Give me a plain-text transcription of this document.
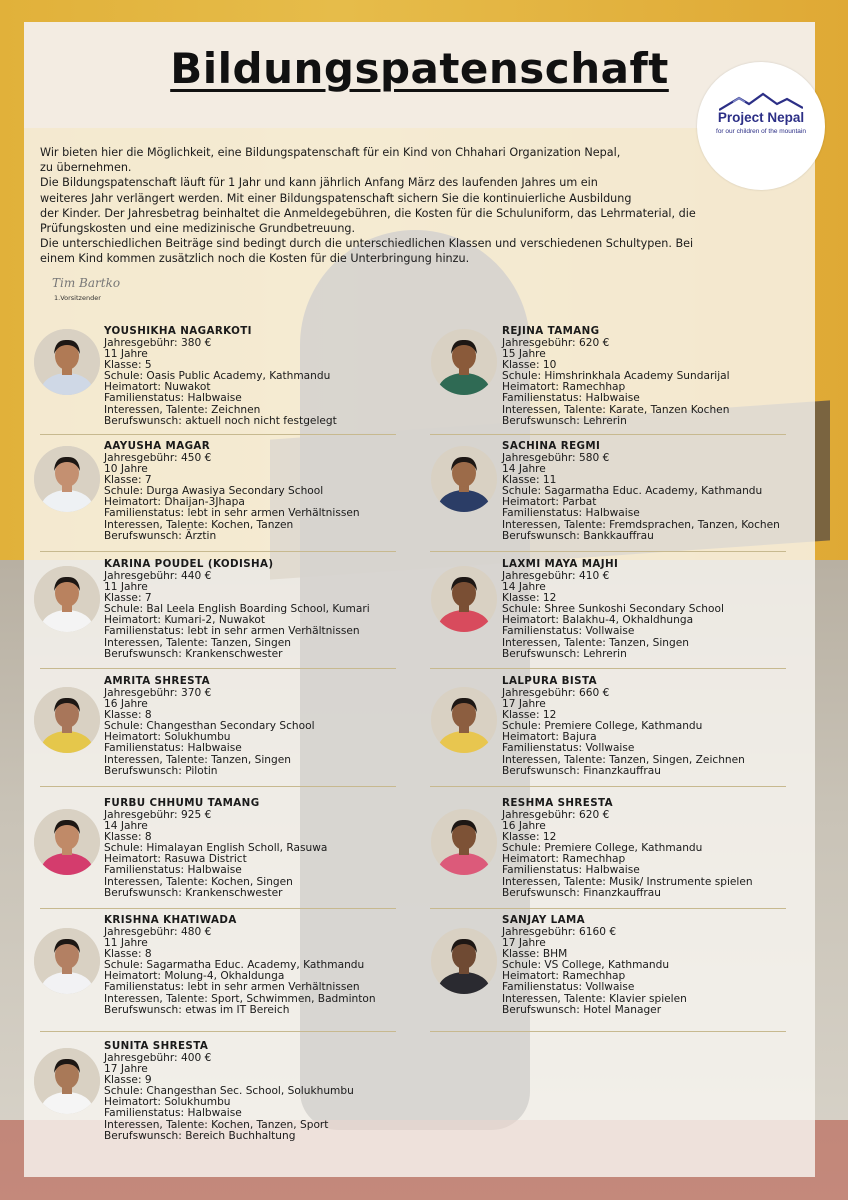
Bildungspatenschaft
Project Nepal
for our children of the mountain

Wir bieten hier die Möglichkeit, eine Bildungspatenschaft für ein Kind von Chhahari Organization Nepal,

zu übernehmen.

Die Bildungspatenschaft läuft für 1 Jahr und kann jährlich Anfang März des laufenden Jahres um ein

weiteres Jahr verlängert werden. Mit einer Bildungspatenschaft sichern Sie die kontinuierliche Ausbildung

der Kinder. Der Jahresbetrag beinhaltet die Anmeldegebühren, die Kosten für die Schuluniform, das Lehrmaterial, die

Prüfungskosten und eine medizinische Grundbetreuung.

Die unterschiedlichen Beiträge sind bedingt durch die unterschiedlichen Klassen und verschiedenen Schultypen. Bei

einem Kind kommen zusätzlich noch die Kosten für die Unterbringung hinzu.

Tim Bartko
1.Vorsitzender
YOUSHIKHA NAGARKOTI
Jahresgebühr: 380 €
11 Jahre
Klasse: 5
Schule: Oasis Public Academy, Kathmandu
Heimatort: Nuwakot
Familienstatus: Halbwaise
Interessen, Talente: Zeichnen
Berufswunsch: aktuell noch nicht festgelegt
REJINA TAMANG
Jahresgebühr: 620 €
15 Jahre
Klasse: 10
Schule: Himshrinkhala Academy Sundarijal
Heimatort: Ramechhap
Familienstatus: Halbwaise
Interessen, Talente: Karate, Tanzen Kochen
Berufswunsch: Lehrerin
AAYUSHA MAGAR
Jahresgebühr: 450 €
10 Jahre
Klasse: 7
Schule: Durga Awasiya Secondary School
Heimatort: Dhaijan-3Jhapa
Familienstatus: lebt in sehr armen Verhältnissen
Interessen, Talente: Kochen, Tanzen
Berufswunsch: Ärztin
SACHINA REGMI
Jahresgebühr: 580 €
14 Jahre
Klasse: 11
Schule: Sagarmatha Educ. Academy, Kathmandu
Heimatort: Parbat
Familienstatus: Halbwaise
Interessen, Talente: Fremdsprachen, Tanzen, Kochen
Berufswunsch: Bankkauffrau
KARINA POUDEL (KODISHA)
Jahresgebühr: 440 €
11 Jahre
Klasse: 7
Schule: Bal Leela English Boarding School, Kumari
Heimatort: Kumari-2, Nuwakot
Familienstatus: lebt in sehr armen Verhältnissen
Interessen, Talente: Tanzen, Singen
Berufswunsch: Krankenschwester
LAXMI MAYA MAJHI
Jahresgebühr: 410 €
14 Jahre
Klasse: 12
Schule: Shree Sunkoshi Secondary School
Heimatort: Balakhu-4, Okhaldhunga
Familienstatus: Vollwaise
Interessen, Talente: Tanzen, Singen
Berufswunsch: Lehrerin
AMRITA SHRESTA
Jahresgebühr: 370 €
16 Jahre
Klasse: 8
Schule: Changesthan Secondary School
Heimatort: Solukhumbu
Familienstatus: Halbwaise
Interessen, Talente: Tanzen, Singen
Berufswunsch: Pilotin
LALPURA BISTA
Jahresgebühr: 660 €
17 Jahre
Klasse: 12
Schule: Premiere College, Kathmandu
Heimatort: Bajura
Familienstatus: Vollwaise
Interessen, Talente: Tanzen, Singen, Zeichnen
Berufswunsch: Finanzkauffrau
FURBU CHHUMU TAMANG
Jahresgebühr: 925 €
14 Jahre
Klasse: 8
Schule: Himalayan English Scholl, Rasuwa
Heimatort: Rasuwa District
Familienstatus: Halbwaise
Interessen, Talente: Kochen, Singen
Berufswunsch: Krankenschwester
RESHMA SHRESTA
Jahresgebühr: 620 €
16 Jahre
Klasse: 12
Schule: Premiere College, Kathmandu
Heimatort: Ramechhap
Familienstatus: Halbwaise
Interessen, Talente: Musik/ Instrumente spielen
Berufswunsch: Finanzkauffrau
KRISHNA KHATIWADA
Jahresgebühr: 480 €
11 Jahre
Klasse: 8
Schule: Sagarmatha Educ. Academy, Kathmandu
Heimatort: Molung-4, Okhaldunga
Familienstatus: lebt in sehr armen Verhältnissen
Interessen, Talente: Sport, Schwimmen, Badminton
Berufswunsch: etwas im IT Bereich
SANJAY LAMA
Jahresgebühr: 6160 €
17 Jahre
Klasse: BHM
Schule: VS College, Kathmandu
Heimatort: Ramechhap
Familienstatus: Vollwaise
Interessen, Talente: Klavier spielen
Berufswunsch: Hotel Manager
SUNITA SHRESTA
Jahresgebühr: 400 €
17 Jahre
Klasse: 9
Schule: Changesthan Sec. School, Solukhumbu
Heimatort: Solukhumbu
Familienstatus: Halbwaise
Interessen, Talente: Kochen, Tanzen, Sport
Berufswunsch: Bereich Buchhaltung
